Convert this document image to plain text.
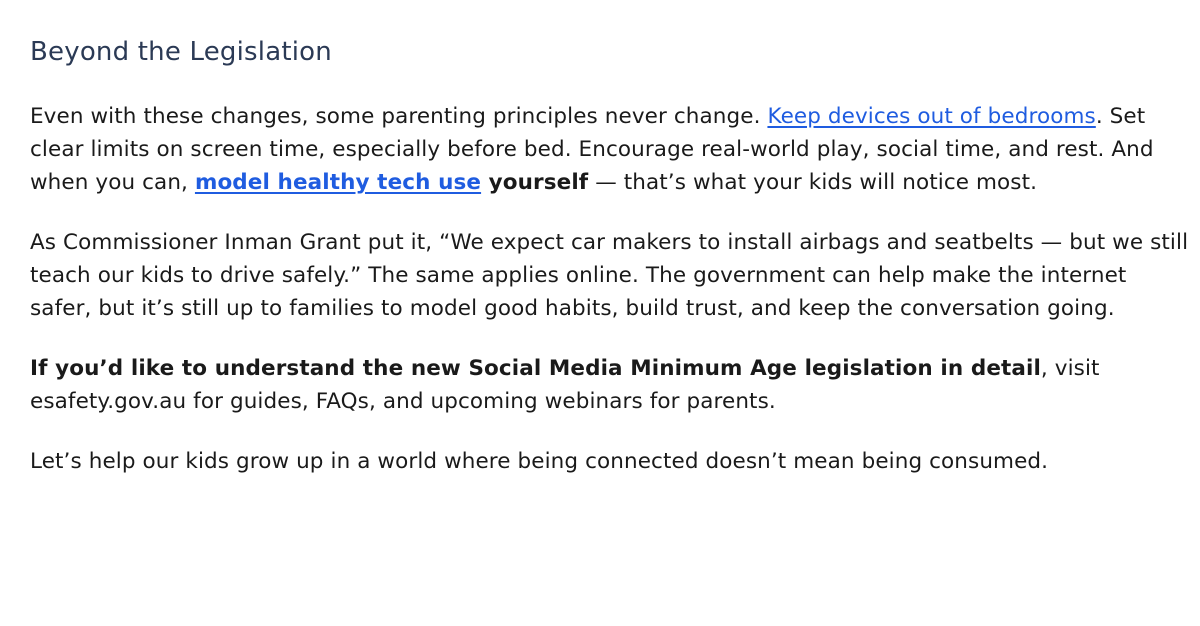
Beyond the Legislation

Even with these changes, some parenting principles never change. Keep devices out of bedrooms. Set clear limits on screen time, especially before bed. Encourage real-world play, social time, and rest. And when you can, model healthy tech use yourself — that’s what your kids will notice most.

As Commissioner Inman Grant put it, “We expect car makers to install airbags and seatbelts — but we still teach our kids to drive safely.” The same applies online. The government can help make the internet safer, but it’s still up to families to model good habits, build trust, and keep the conversation going.

If you’d like to understand the new Social Media Minimum Age legislation in detail, visit esafety.gov.au for guides, FAQs, and upcoming webinars for parents.

Let’s help our kids grow up in a world where being connected doesn’t mean being consumed.
